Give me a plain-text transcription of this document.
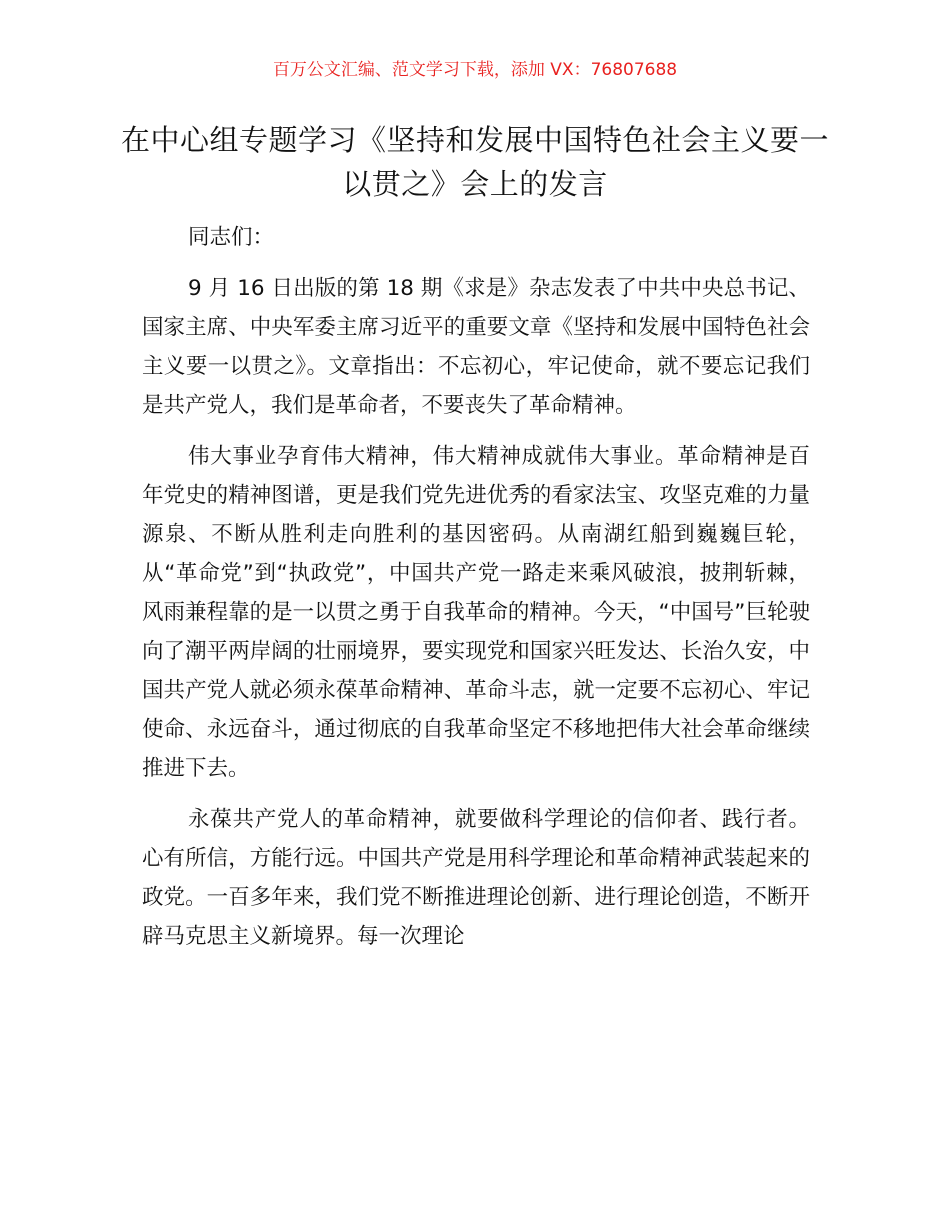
百万公文汇编、范文学习下载，添加 VX：76807688
在中心组专题学习《坚持和发展中国特色社会主义要一以贯之》会上的发言

同志们：

9 月 16 日出版的第 18 期《求是》杂志发表了中共中央总书记、国家主席、中央军委主席习近平的重要文章《坚持和发展中国特色社会主义要一以贯之》。文章指出：不忘初心，牢记使命，就不要忘记我们是共产党人，我们是革命者，不要丧失了革命精神。

伟大事业孕育伟大精神，伟大精神成就伟大事业。革命精神是百年党史的精神图谱，更是我们党先进优秀的看家法宝、攻坚克难的力量源泉、不断从胜利走向胜利的基因密码。从南湖红船到巍巍巨轮，从“革命党”到“执政党”，中国共产党一路走来乘风破浪，披荆斩棘，风雨兼程靠的是一以贯之勇于自我革命的精神。今天，“中国号”巨轮驶向了潮平两岸阔的壮丽境界，要实现党和国家兴旺发达、长治久安，中国共产党人就必须永葆革命精神、革命斗志，就一定要不忘初心、牢记使命、永远奋斗，通过彻底的自我革命坚定不移地把伟大社会革命继续推进下去。

永葆共产党人的革命精神，就要做科学理论的信仰者、践行者。心有所信，方能行远。中国共产党是用科学理论和革命精神武装起来的政党。一百多年来，我们党不断推进理论创新、进行理论创造，不断开辟马克思主义新境界。每一次理论
